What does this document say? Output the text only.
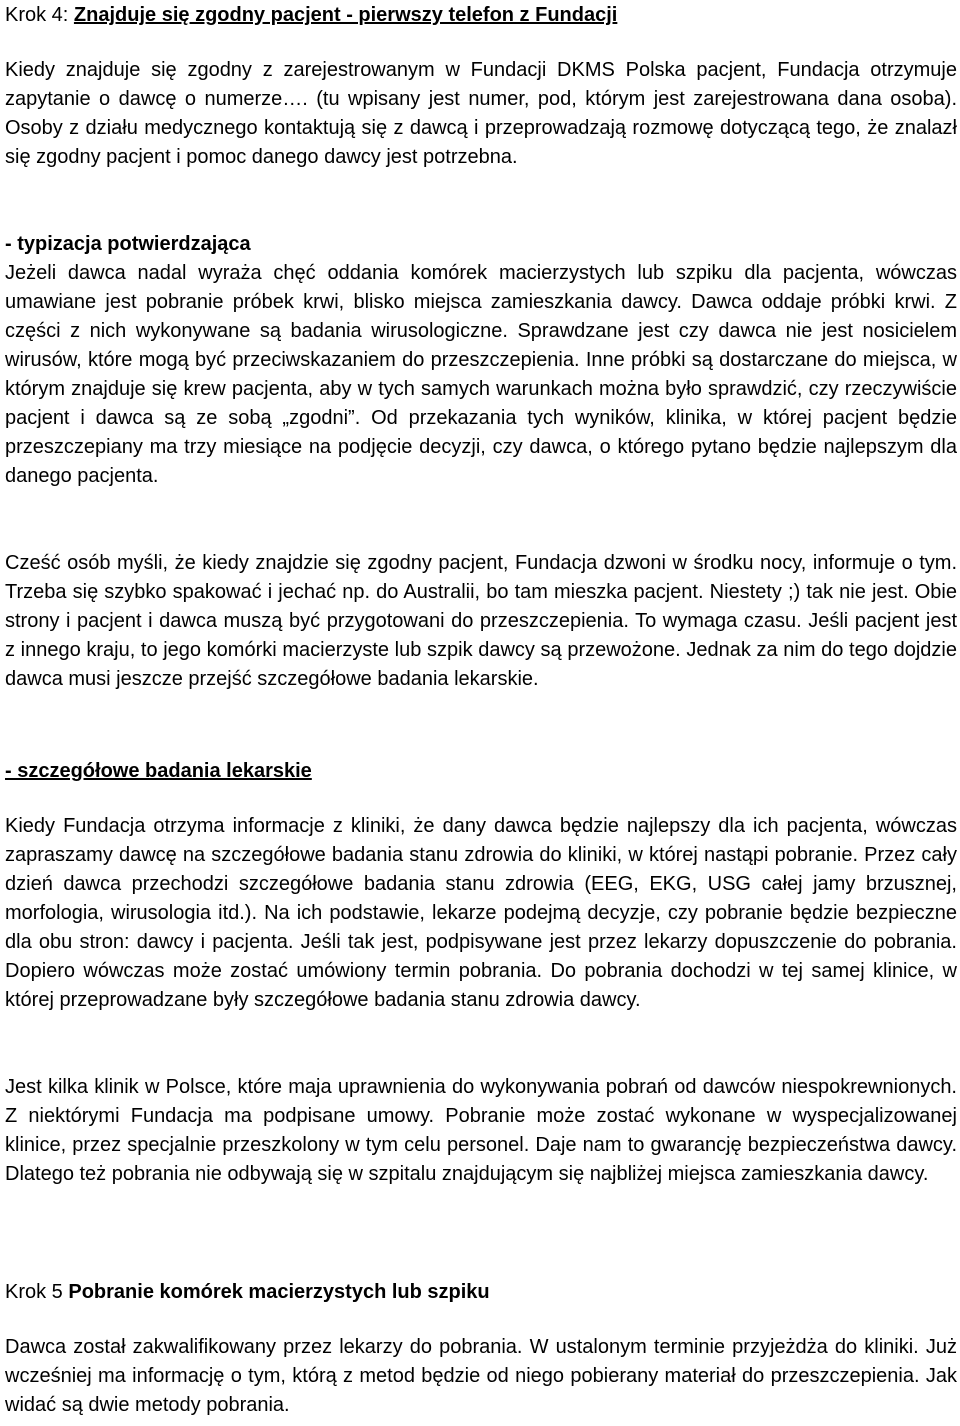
Krok 4: Znajduje się zgodny pacjent - pierwszy telefon z Fundacji

Kiedy znajduje się zgodny z zarejestrowanym w Fundacji DKMS Polska pacjent, Fundacja otrzymuje zapytanie o dawcę o numerze…. (tu wpisany jest numer, pod, którym jest zarejestrowana dana osoba). Osoby z działu medycznego kontaktują się z dawcą i przeprowadzają rozmowę dotyczącą tego, że znalazł się zgodny pacjent i pomoc danego dawcy jest potrzebna.

- typizacja potwierdzająca

Jeżeli dawca nadal wyraża chęć oddania komórek macierzystych lub szpiku dla pacjenta, wówczas umawiane jest pobranie próbek krwi, blisko miejsca zamieszkania dawcy. Dawca oddaje próbki krwi. Z części z nich wykonywane są badania wirusologiczne. Sprawdzane jest czy dawca nie jest nosicielem wirusów, które mogą być przeciwskazaniem do przeszczepienia. Inne próbki są dostarczane do miejsca, w którym znajduje się krew pacjenta, aby w tych samych warunkach można było sprawdzić, czy rzeczywiście pacjent i dawca są ze sobą „zgodni”. Od przekazania tych wyników, klinika, w której pacjent będzie przeszczepiany ma trzy miesiące na podjęcie decyzji, czy dawca, o którego pytano będzie najlepszym dla danego pacjenta.

Cześć osób myśli, że kiedy znajdzie się zgodny pacjent, Fundacja dzwoni w środku nocy, informuje o tym. Trzeba się szybko spakować i jechać np. do Australii, bo tam mieszka pacjent. Niestety ;) tak nie jest. Obie strony i pacjent i dawca muszą być przygotowani do przeszczepienia. To wymaga czasu. Jeśli pacjent jest z innego kraju, to jego komórki macierzyste lub szpik dawcy są przewożone. Jednak za nim do tego dojdzie dawca musi jeszcze przejść szczegółowe badania lekarskie.

- szczegółowe badania lekarskie

Kiedy Fundacja otrzyma informacje z kliniki, że dany dawca będzie najlepszy dla ich pacjenta, wówczas zapraszamy dawcę na szczegółowe badania stanu zdrowia do kliniki, w której nastąpi pobranie. Przez cały dzień dawca przechodzi szczegółowe badania stanu zdrowia (EEG, EKG, USG całej jamy brzusznej, morfologia, wirusologia itd.). Na ich podstawie, lekarze podejmą decyzje, czy pobranie będzie bezpieczne dla obu stron: dawcy i pacjenta. Jeśli tak jest, podpisywane jest przez lekarzy dopuszczenie do pobrania. Dopiero wówczas może zostać umówiony termin pobrania. Do pobrania dochodzi w tej samej klinice, w której przeprowadzane były szczegółowe badania stanu zdrowia dawcy.

Jest kilka klinik w Polsce, które maja uprawnienia do wykonywania pobrań od dawców niespokrewnionych. Z niektórymi Fundacja ma podpisane umowy. Pobranie może zostać wykonane w wyspecjalizowanej klinice, przez specjalnie przeszkolony w tym celu personel. Daje nam to gwarancję bezpieczeństwa dawcy. Dlatego też pobrania nie odbywają się w szpitalu znajdującym się najbliżej miejsca zamieszkania dawcy.

Krok 5 Pobranie komórek macierzystych lub szpiku

Dawca został zakwalifikowany przez lekarzy do pobrania. W ustalonym terminie przyjeżdża do kliniki. Już wcześniej ma informację o tym, którą z metod będzie od niego pobierany materiał do przeszczepienia. Jak widać są dwie metody pobrania.
